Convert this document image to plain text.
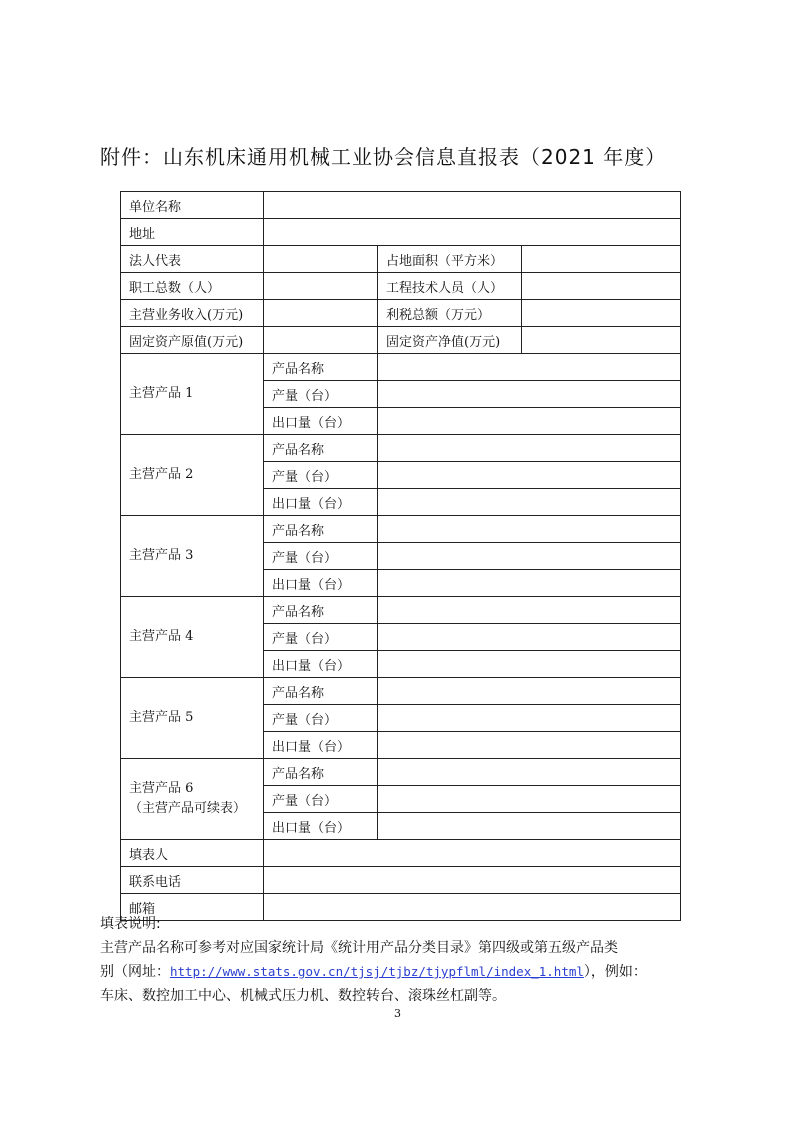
附件：山东机床通用机械工业协会信息直报表（2021 年度）
单位名称			
地址			
法人代表		占地面积（平方米）	
职工总数（人）		工程技术人员（人）	
主营业务收入(万元)		利税总额（万元）	
固定资产原值(万元)		固定资产净值(万元)	
主营产品 1	产品名称		
	产量（台）		
	出口量（台）		
主营产品 2	产品名称		
	产量（台）		
	出口量（台）		
主营产品 3	产品名称		
	产量（台）		
	出口量（台）		
主营产品 4	产品名称		
	产量（台）		
	出口量（台）		
主营产品 5	产品名称		
	产量（台）		
	出口量（台）		

主营产品 6
（主营产品可续表）	产品名称		
	产量（台）		
	出口量（台）		
填表人			
联系电话			
邮箱			
填表说明:
主营产品名称可参考对应国家统计局《统计用产品分类目录》第四级或第五级产品类
别（网址：http://www.stats.gov.cn/tjsj/tjbz/tjypflml/index_1.html），例如：
车床、数控加工中心、机械式压力机、数控转台、滚珠丝杠副等。
3
